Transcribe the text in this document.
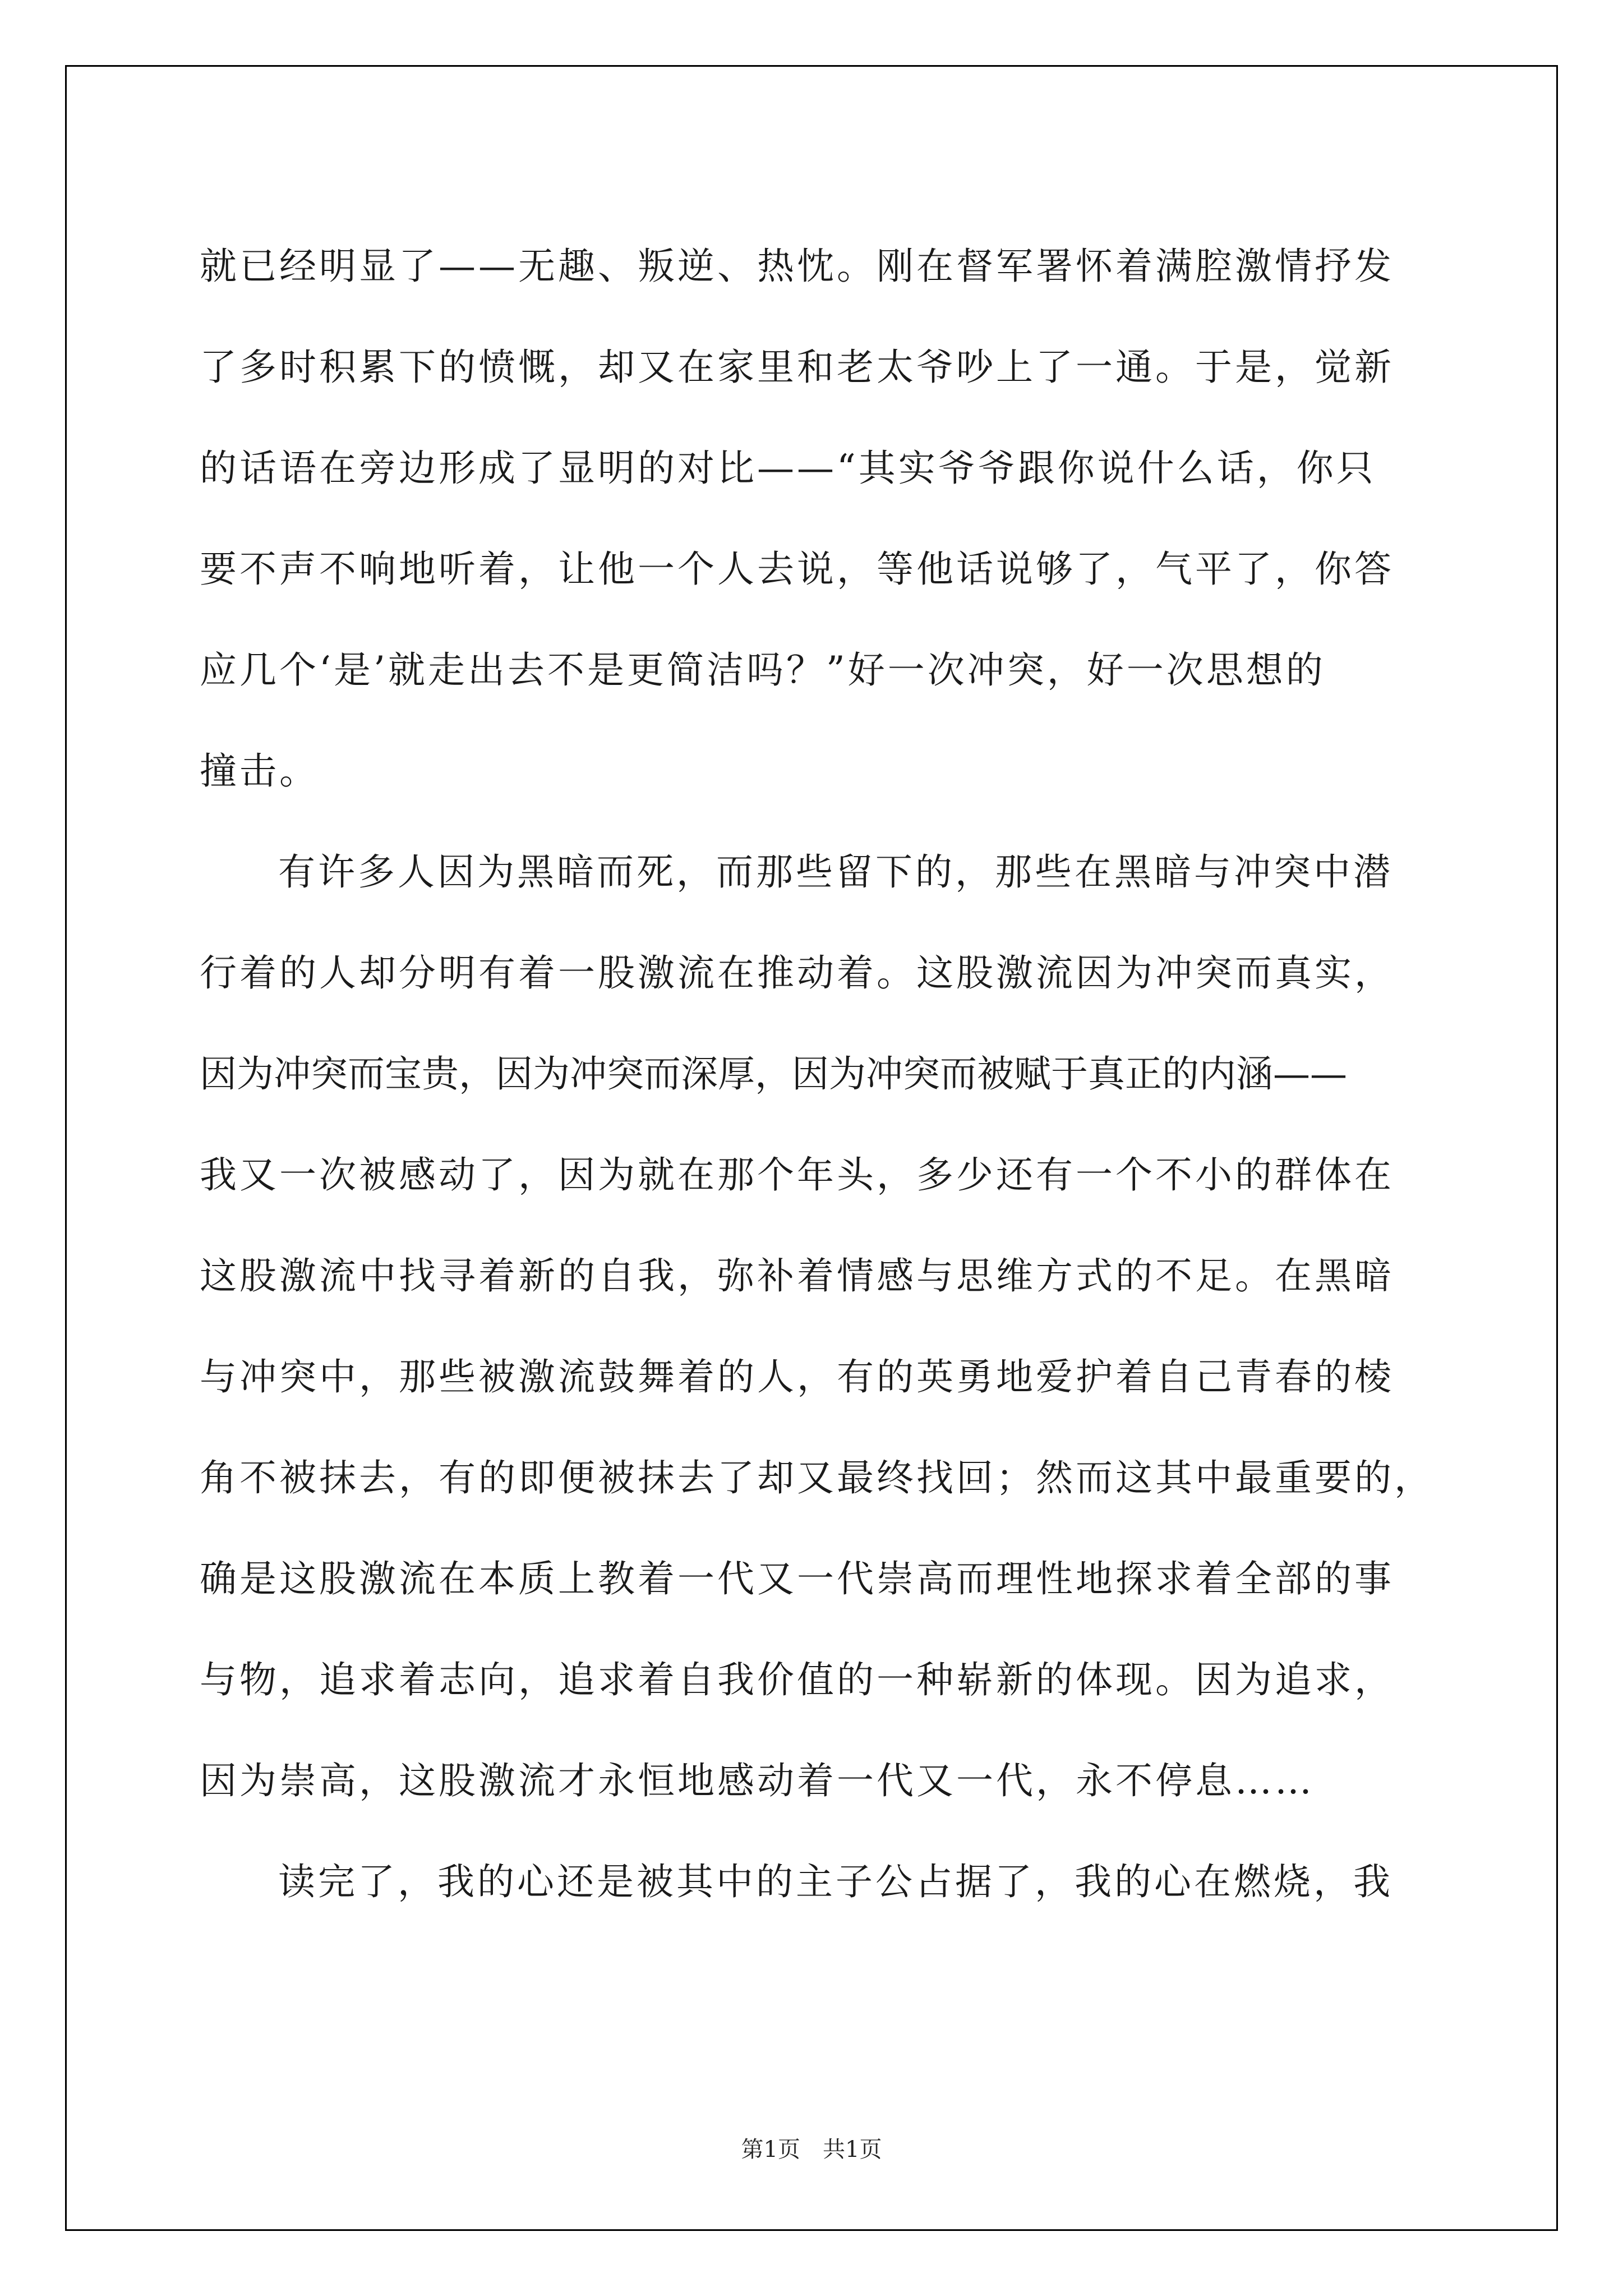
就已经明显了——无趣、叛逆、热忱。刚在督军署怀着满腔激情抒发
了多时积累下的愤慨，却又在家里和老太爷吵上了一通。于是，觉新
的话语在旁边形成了显明的对比——“其实爷爷跟你说什么话，你只
要不声不响地听着，让他一个人去说，等他话说够了，气平了，你答
应几个‘是’就走出去不是更简洁吗？”好一次冲突，好一次思想的
撞击。
有许多人因为黑暗而死，而那些留下的，那些在黑暗与冲突中潜
行着的人却分明有着一股激流在推动着。这股激流因为冲突而真实，
因为冲突而宝贵，因为冲突而深厚，因为冲突而被赋于真正的内涵——
我又一次被感动了，因为就在那个年头，多少还有一个不小的群体在
这股激流中找寻着新的自我，弥补着情感与思维方式的不足。在黑暗
与冲突中，那些被激流鼓舞着的人，有的英勇地爱护着自己青春的棱
角不被抹去，有的即便被抹去了却又最终找回；然而这其中最重要的，
确是这股激流在本质上教着一代又一代崇高而理性地探求着全部的事
与物，追求着志向，追求着自我价值的一种崭新的体现。因为追求，
因为崇高，这股激流才永恒地感动着一代又一代，永不停息……
读完了，我的心还是被其中的主子公占据了，我的心在燃烧，我
第1页　共1页
